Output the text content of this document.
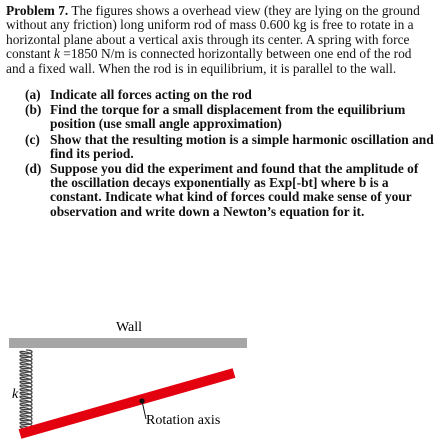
Problem 7. The figures shows a overhead view (they are lying on the ground without any friction) long uniform rod of mass 0.600 kg is free to rotate in a horizontal plane about a vertical axis through its center. A spring with force constant k =1850 N/m is connected horizontally between one end of the rod and a fixed wall. When the rod is in equilibrium, it is parallel to the wall.

(a) Indicate all forces acting on the rod
(b) Find the torque for a small displacement from the equilibrium position (use small angle approximation)
(c) Show that the resulting motion is a simple harmonic oscillation and find its period.
(d) Suppose you did the experiment and found that the amplitude of the oscillation decays exponentially as Exp[-bt] where b is a constant. Indicate what kind of forces could make sense of your observation and write down a Newton’s equation for it.
Wall
k
Rotation axis
